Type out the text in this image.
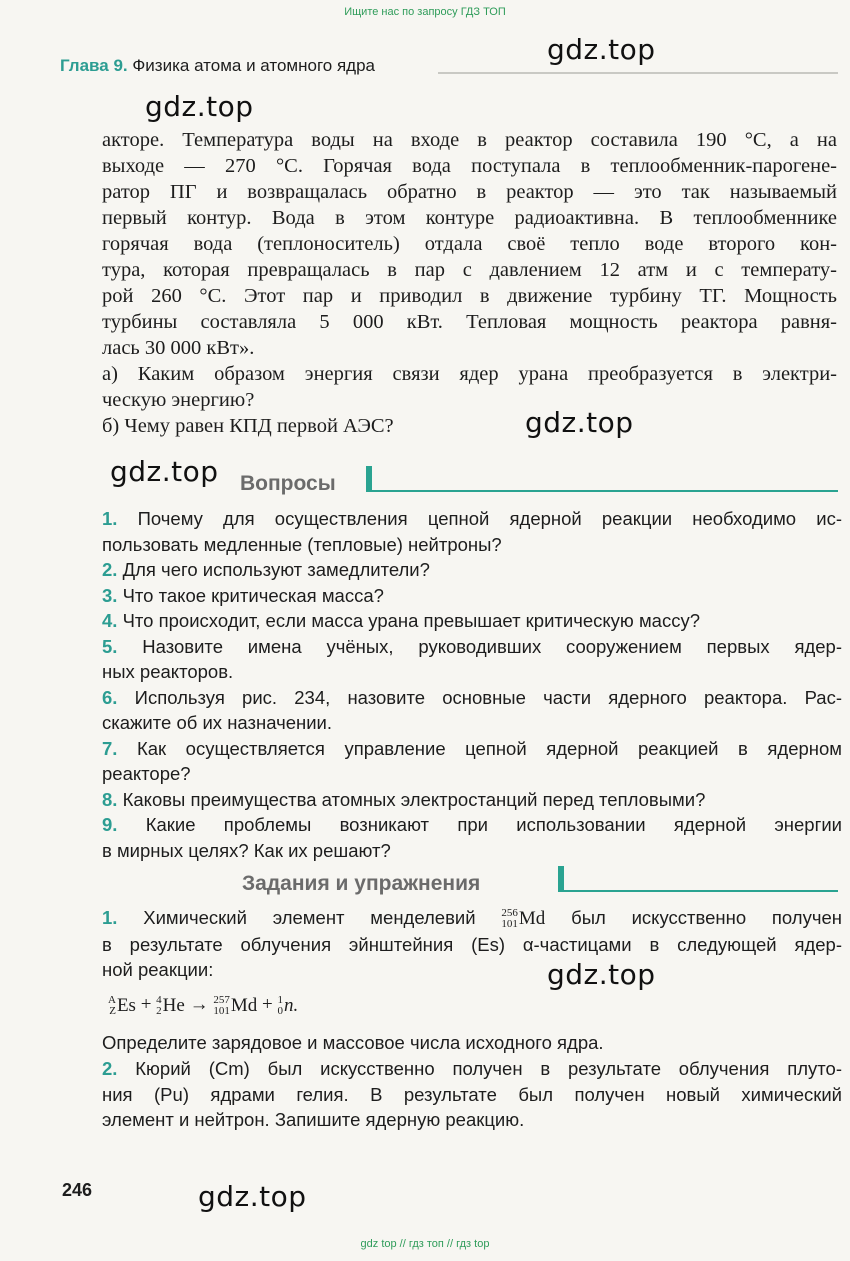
Ищите нас по запросу ГДЗ ТОП
Глава 9. Физика атома и атомного ядра	gdz.top
gdz.top
gdz.top
gdz.top
gdz.top
gdz.top
акторе. Температура воды на входе в реактор составила 190 °С, а на
выходе — 270 °С. Горячая вода поступала в теплообменник-парогене-
ратор ПГ и возвращалась обратно в реактор — это так называемый
первый контур. Вода в этом контуре радиоактивна. В теплообменнике
горячая вода (теплоноситель) отдала своё тепло воде второго кон-
тура, которая превращалась в пар с давлением 12 атм и с температу-
рой 260 °С. Этот пар и приводил в движение турбину ТГ. Мощность
турбины составляла 5 000 кВт. Тепловая мощность реактора равня-
лась 30 000 кВт».
а) Каким образом энергия связи ядер урана преобразуется в электри-
ческую энергию?
б) Чему равен КПД первой АЭС?
Вопросы
1. Почему для осуществления цепной ядерной реакции необходимо ис-
пользовать медленные (тепловые) нейтроны?
2. Для чего используют замедлители?
3. Что такое критическая масса?
4. Что происходит, если масса урана превышает критическую массу?
5. Назовите имена учёных, руководивших сооружением первых ядер-
ных реакторов.
6. Используя рис. 234, назовите основные части ядерного реактора. Рас-
скажите об их назначении.
7. Как осуществляется управление цепной ядерной реакцией в ядерном
реакторе?
8. Каковы преимущества атомных электростанций перед тепловыми?
9. Какие проблемы возникают при использовании ядерной энергии
в мирных целях? Как их решают?
Задания и упражнения
1. Химический элемент менделевий 256
101 Md был искусственно получен
в результате облучения эйнштейния (Es) α-частицами в следующей ядер-
ной реакции:
A
Z Es + 4
2 He → 257
101 Md + 1
0 n.
Определите зарядовое и массовое числа исходного ядра.
2. Кюрий (Cm) был искусственно получен в результате облучения плуто-
ния (Pu) ядрами гелия. В результате был получен новый химический
элемент и нейтрон. Запишите ядерную реакцию.
246
gdz top // гдз топ // гдз top
